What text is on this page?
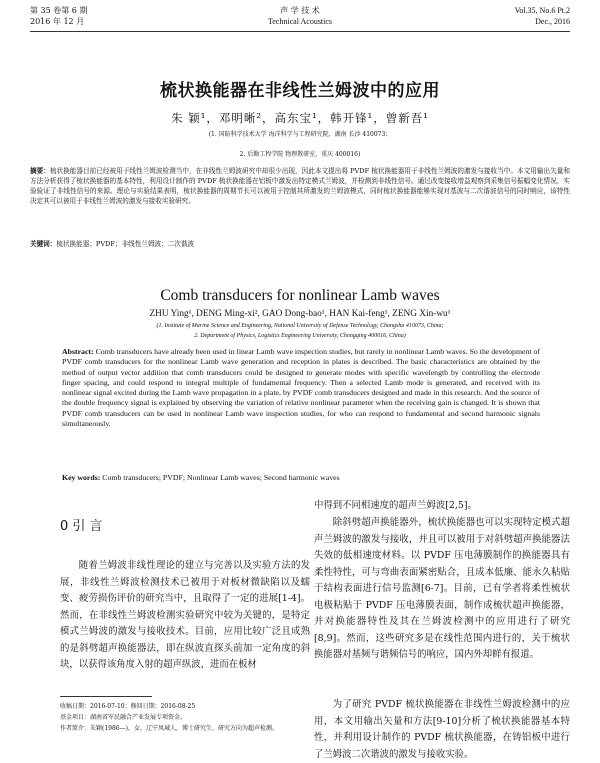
第 35 卷第 6 期
2016 年 12 月
声 学 技 术
Technical Acoustics
Vol.35, No.6 Pt.2
Dec., 2016
梳状换能器在非线性兰姆波中的应用
朱 颖¹，邓明晰²，高东宝¹，韩开锋¹，曾新吾¹
(1. 国防科学技术大学 海洋科学与工程研究院，湖南 长沙 410073；
2. 后勤工程学院 物理教研室，重庆 400016)
摘要：梳状换能器目前已经被用于线性兰姆波检测当中，在非线性兰姆波研究中却很少出现，因此本文提出将 PVDF 梳状换能器用于非线性兰姆波的激发与接收当中。本文用输出矢量和方法分析获得了梳状换能器的基本特性，利用设计制作的 PVDF 梳状换能器在铝板中激发出特定模式兰姆波，并检测到非线性信号。通过改变接收增益观察到采集信号振幅变化情况，实验验证了非线性信号的来源。理论与实验结果表明，梳状换能器的周期节长可以被用于控制其所激发的兰姆波模式，同时梳状换能器能够实现对基波与二次谐波信号的同时响应，该特性决定其可以被用于非线性兰姆波的激发与接收实验研究。
关键词：梳状换能器；PVDF；非线性兰姆波；二次谐波
Comb transducers for nonlinear Lamb waves
ZHU Ying¹, DENG Ming-xi², GAO Dong-bao¹, HAN Kai-feng¹, ZENG Xin-wu¹
(1. Institute of Marine Science and Engineering, National University of Defense Technology, Changsha 410073, China;
2. Department of Physics, Logistics Engineering University, Chongqing 400016, China)
Abstract: Comb transducers have already been used in linear Lamb wave inspection studies, but rarely in nonlinear Lamb waves. So the development of PVDF comb transducers for the nonlinear Lamb wave generation and reception in plates is described. The basic characteristics are obtained by the method of output vector addition that comb transducers could be designed to generate modes with specific wavelength by controlling the electrode finger spacing, and could respond to integral multiple of fundamental frequency. Then a selected Lamb mode is generated, and received with its nonlinear signal excited during the Lamb wave propagation in a plate, by PVDF comb transducers designed and made in this research. And the source of the double frequency signal is explained by observing the variation of relative nonlinear parameter when the receiving gain is changed. It is shown that PVDF comb transducers can be used in nonlinear Lamb wave inspection studies, for who can respond to fundamental and second harmonic signals simultaneously.
Key words: Comb transducers; PVDF; Nonlinear Lamb waves; Second harmonic waves
0 引 言
随着兰姆波非线性理论的建立与完善以及实验方法的发展，非线性兰姆波检测技术已被用于对板材微缺陷以及蠕变、疲劳损伤评价的研究当中，且取得了一定的进展[1-4]。然而，在非线性兰姆波检测实验研究中较为关键的，是特定模式兰姆波的激发与接收技术。目前，应用比较广泛且成熟的是斜劈超声换能器法，即在纵波直探头前加一定角度的斜块，以获得该角度入射的超声纵波，进而在板材
收稿日期：2016-07-10；修回日期：2016-08-25
基金项目：湖南省军民融合产业发展专项资金。
作者简介：朱颖(1986—)，女，辽宁凤城人，博士研究生，研究方向为超声检测。
中得到不同相速度的超声兰姆波[2,5]。
除斜劈超声换能器外，梳状换能器也可以实现特定模式超声兰姆波的激发与接收，并且可以被用于对斜劈超声换能器法失效的低相速度材料。以 PVDF 压电薄膜制作的换能器具有柔性特性，可与弯曲表面紧密贴合，且成本低廉、能永久粘贴于结构表面进行信号监测[6-7]。目前，已有学者将柔性梳状电极粘贴于 PVDF 压电薄膜表面，制作成梳状超声换能器，并对换能器特性及其在兰姆波检测中的应用进行了研究[8,9]。然而，这些研究多是在线性范围内进行的，关于梳状换能器对基频与谐频信号的响应，国内外却鲜有报道。
为了研究 PVDF 梳状换能器在非线性兰姆波检测中的应用，本文用输出矢量和方法[9-10]分析了梳状换能器基本特性，并利用设计制作的 PVDF 梳状换能器，在铸铝板中进行了兰姆波二次谐波的激发与接收实验。
